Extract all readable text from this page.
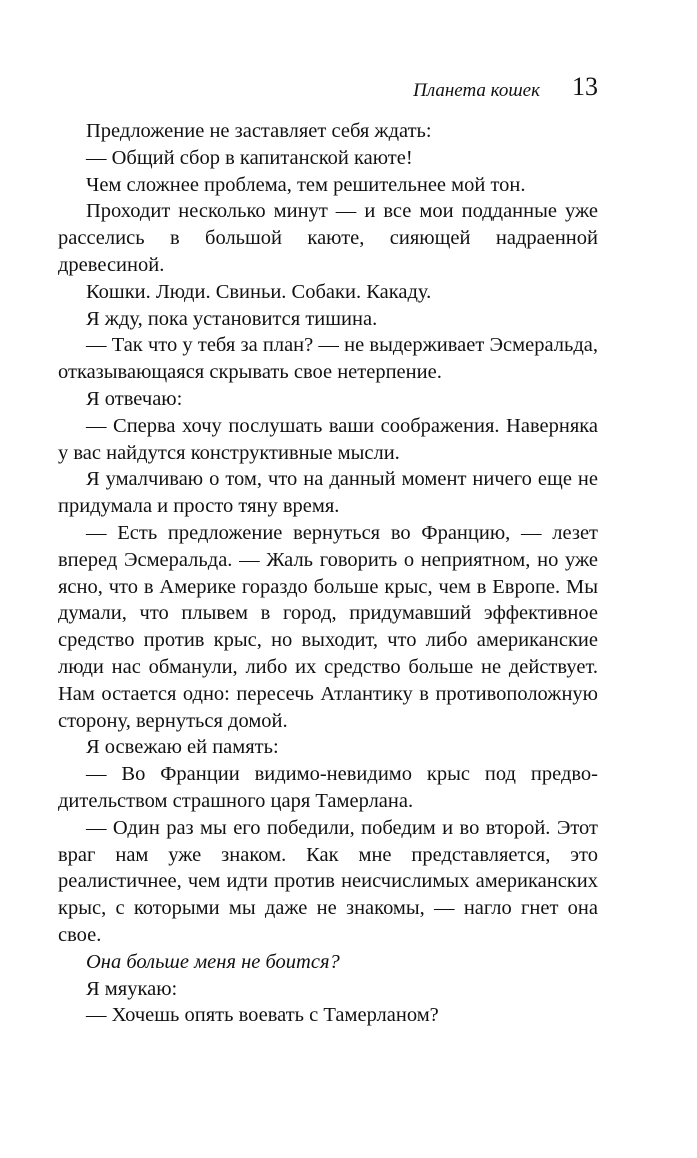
Планета кошек 13

Предложение не заставляет себя ждать:

— Общий сбор в капитанской каюте!

Чем сложнее проблема, тем решительнее мой тон.

Проходит несколько минут — и все мои подданные уже расселись в большой каюте, сияющей надраенной древесиной.

Кошки. Люди. Свиньи. Собаки. Какаду.

Я жду, пока установится тишина.

— Так что у тебя за план? — не выдерживает Эсмеральда, отказывающаяся скрывать свое нетерпение.

Я отвечаю:

— Сперва хочу послушать ваши соображения. Наверняка у вас найдутся конструктивные мысли.

Я умалчиваю о том, что на данный момент ничего еще не придумала и просто тяну время.

— Есть предложение вернуться во Францию, — лезет вперед Эсмеральда. — Жаль говорить о неприятном, но уже ясно, что в Америке гораздо больше крыс, чем в Европе. Мы думали, что плывем в город, придумавший эффективное средство против крыс, но выходит, что либо американские люди нас обманули, либо их средство больше не действует. Нам остается одно: пересечь Атлантику в противоположную сторону, вернуться домой.

Я освежаю ей память:

— Во Франции видимо-невидимо крыс под предводительством страшного царя Тамерлана.

— Один раз мы его победили, победим и во второй. Этот враг нам уже знаком. Как мне представляется, это реалистичнее, чем идти против неисчислимых американских крыс, с которыми мы даже не знакомы, — нагло гнет она свое.

Она больше меня не боится?

Я мяукаю:

— Хочешь опять воевать с Тамерланом?
